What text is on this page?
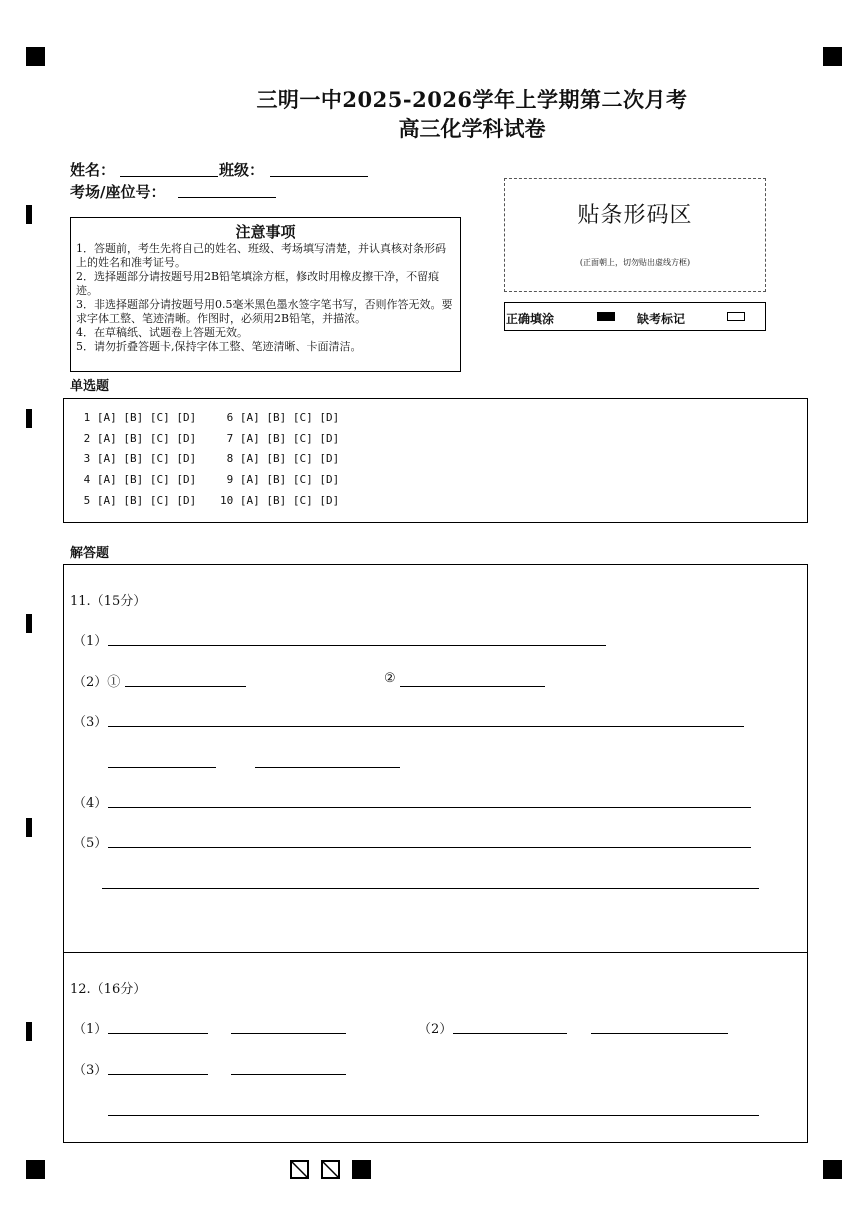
三明一中2025-2026学年上学期第二次月考
高三化学科试卷
姓名：	班级：
考场/座位号：
注意事项
1．答题前，考生先将自己的姓名、班级、考场填写清楚，并认真核对条形码上的姓名和准考证号。
2．选择题部分请按题号用2B铅笔填涂方框，修改时用橡皮擦干净，不留痕迹。
3．非选择题部分请按题号用0.5毫米黑色墨水签字笔书写，否则作答无效。要求字体工整、笔迹清晰。作图时，必须用2B铅笔，并描浓。
4．在草稿纸、试题卷上答题无效。
5．请勿折叠答题卡,保持字体工整、笔迹清晰、卡面清洁。
贴条形码区
(正面朝上，切勿贴出虚线方框)
正确填涂	缺考标记
单选题
1 [A] [B] [C] [D]
2 [A] [B] [C] [D]
3 [A] [B] [C] [D]
4 [A] [B] [C] [D]
5 [A] [B] [C] [D]
6 [A] [B] [C] [D]
7 [A] [B] [C] [D]
8 [A] [B] [C] [D]
9 [A] [B] [C] [D]
10 [A] [B] [C] [D]
解答题
11.（15分）
（1）
（2）①	②
（3）
（4）
（5）
12.（16分）
（1）	（2）
（3）
